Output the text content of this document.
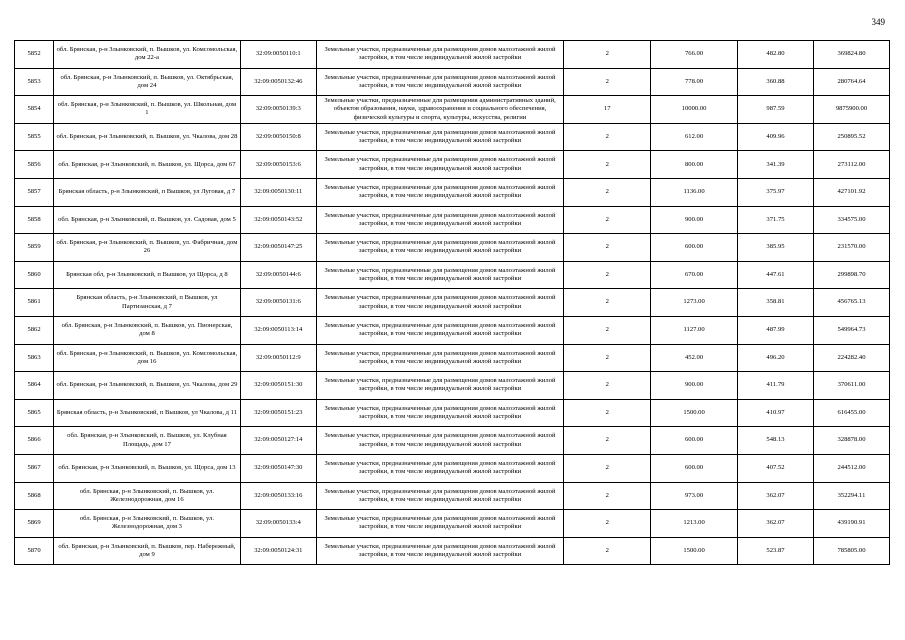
349
5852	обл. Брянская, р-н Злынковский, п. Вышков, ул. Комсомольская, дом 22-а	32:09:0050110:1	Земельные участки, предназначенные для размещения домов малоэтажной жилой застройки, в том числе индивидуальной жилой застройки	2	766.00	482.80	369824.80
5853	обл. Брянская, р-н Злынковский, п. Вышков, ул. Октябрьская, дом 24	32:09:0050132:46	Земельные участки, предназначенные для размещения домов малоэтажной жилой застройки, в том числе индивидуальной жилой застройки	2	778.00	360.88	280764.64
5854	обл. Брянская, р-н Злынковский, п. Вышков, ул. Школьная, дом 1	32:09:0050139:3	Земельные участки, предназначенные для размещения административных зданий, объектов образования, науки, здравоохранения и социального обеспечения, физической культуры и спорта, культуры, искусства, религии	17	10000.00	987.59	9875900.00
5855	обл. Брянская, р-н Злынковский, п. Вышков, ул. Чкалова, дом 28	32:09:0050150:8	Земельные участки, предназначенные для размещения домов малоэтажной жилой застройки, в том числе индивидуальной жилой застройки	2	612.00	409.96	250895.52
5856	обл. Брянская, р-н Злынковский, п. Вышков, ул. Щорса, дом 67	32:09:0050153:6	Земельные участки, предназначенные для размещения домов малоэтажной жилой застройки, в том числе индивидуальной жилой застройки	2	800.00	341.39	273112.00
5857	Брянская область, р-н Злынковский, п Вышков, ул Луговая, д 7	32:09:0050130:11	Земельные участки, предназначенные для размещения домов малоэтажной жилой застройки, в том числе индивидуальной жилой застройки	2	1136.00	375.97	427101.92
5858	обл. Брянская, р-н Злынковский, п. Вышков, ул. Садовая, дом 5	32:09:0050143:52	Земельные участки, предназначенные для размещения домов малоэтажной жилой застройки, в том числе индивидуальной жилой застройки	2	900.00	371.75	334575.00
5859	обл. Брянская, р-н Злынковский, п. Вышков, ул. Фабричная, дом 26	32:09:0050147:25	Земельные участки, предназначенные для размещения домов малоэтажной жилой застройки, в том числе индивидуальной жилой застройки	2	600.00	385.95	231570.00
5860	Брянская обл, р-н Злынковский, п Вышков, ул Щорса, д 8	32:09:0050144:6	Земельные участки, предназначенные для размещения домов малоэтажной жилой застройки, в том числе индивидуальной жилой застройки	2	670.00	447.61	299898.70
5861	Брянская область, р-н Злынковский, п Вышков, ул Партизанская, д 7	32:09:0050131:6	Земельные участки, предназначенные для размещения домов малоэтажной жилой застройки, в том числе индивидуальной жилой застройки	2	1273.00	358.81	456765.13
5862	обл. Брянская, р-н Злынковский, п. Вышков, ул. Пионерская, дом 8	32:09:0050113:14	Земельные участки, предназначенные для размещения домов малоэтажной жилой застройки, в том числе индивидуальной жилой застройки	2	1127.00	487.99	549964.73
5863	обл. Брянская, р-н Злынковский, п. Вышков, ул. Комсомольская, дом 16	32:09:0050112:9	Земельные участки, предназначенные для размещения домов малоэтажной жилой застройки, в том числе индивидуальной жилой застройки	2	452.00	496.20	224282.40
5864	обл. Брянская, р-н Злынковский, п. Вышков, ул. Чкалова, дом 29	32:09:0050151:30	Земельные участки, предназначенные для размещения домов малоэтажной жилой застройки, в том числе индивидуальной жилой застройки	2	900.00	411.79	370611.00
5865	Брянская область, р-н Злынковский, п Вышков, ул Чкалова, д 11	32:09:0050151:23	Земельные участки, предназначенные для размещения домов малоэтажной жилой застройки, в том числе индивидуальной жилой застройки	2	1500.00	410.97	616455.00
5866	обл. Брянская, р-н Злынковский, п. Вышков, ул. Клубная Площадь, дом 17	32:09:0050127:14	Земельные участки, предназначенные для размещения домов малоэтажной жилой застройки, в том числе индивидуальной жилой застройки	2	600.00	548.13	328878.00
5867	обл. Брянская, р-н Злынковский, п. Вышков, ул. Щорса, дом 13	32:09:0050147:30	Земельные участки, предназначенные для размещения домов малоэтажной жилой застройки, в том числе индивидуальной жилой застройки	2	600.00	407.52	244512.00
5868	обл. Брянская, р-н Злынковский, п. Вышков, ул. Железнодорожная, дом 16	32:09:0050133:16	Земельные участки, предназначенные для размещения домов малоэтажной жилой застройки, в том числе индивидуальной жилой застройки	2	973.00	362.07	352294.11
5869	обл. Брянская, р-н Злынковский, п. Вышков, ул. Железнодорожная, дом 3	32:09:0050133:4	Земельные участки, предназначенные для размещения домов малоэтажной жилой застройки, в том числе индивидуальной жилой застройки	2	1213.00	362.07	439190.91
5870	обл. Брянская, р-н Злынковский, п. Вышков, пер. Набережный, дом 9	32:09:0050124:31	Земельные участки, предназначенные для размещения домов малоэтажной жилой застройки, в том числе индивидуальной жилой застройки	2	1500.00	523.87	785805.00
